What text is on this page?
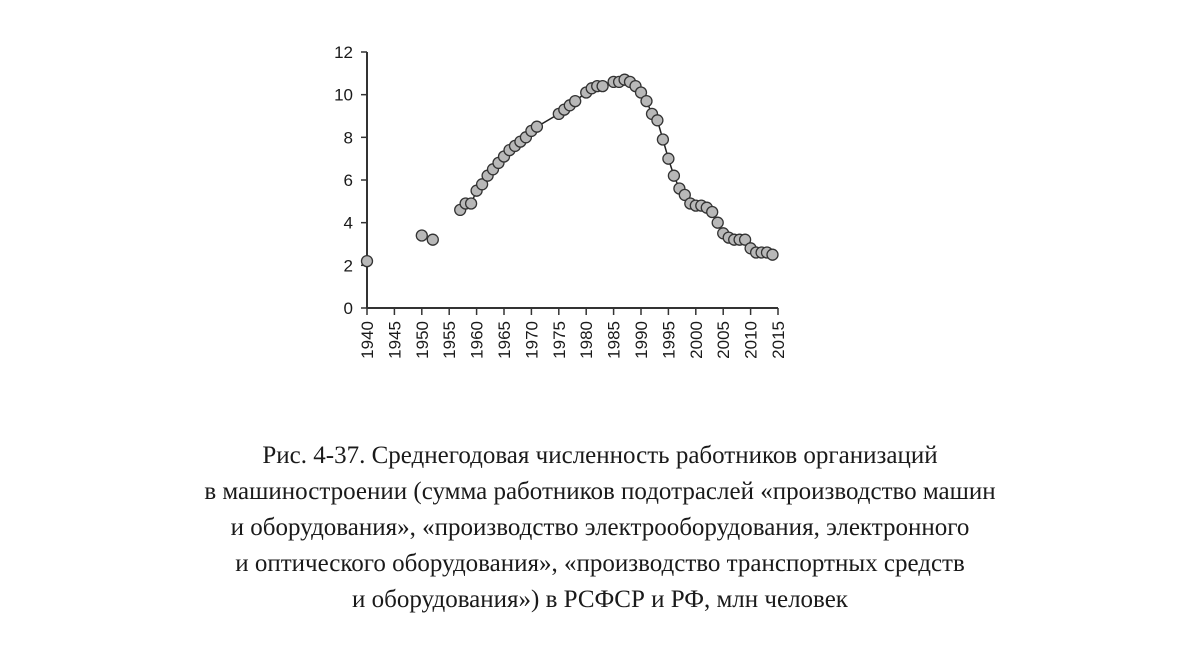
0
2
4
6
8
10
12
1940 1945 1950 1955 1960 1965 1970 1975 1980 1985 1990 1995 2000 2005 2010 2015
Рис. 4-37. Среднегодовая численность работников организаций
в машиностроении (сумма работников подотраслей «производство машин
и оборудования», «производство электрооборудования, электронного
и оптического оборудования», «производство транспортных средств
и оборудования») в РСФСР и РФ, млн человек
